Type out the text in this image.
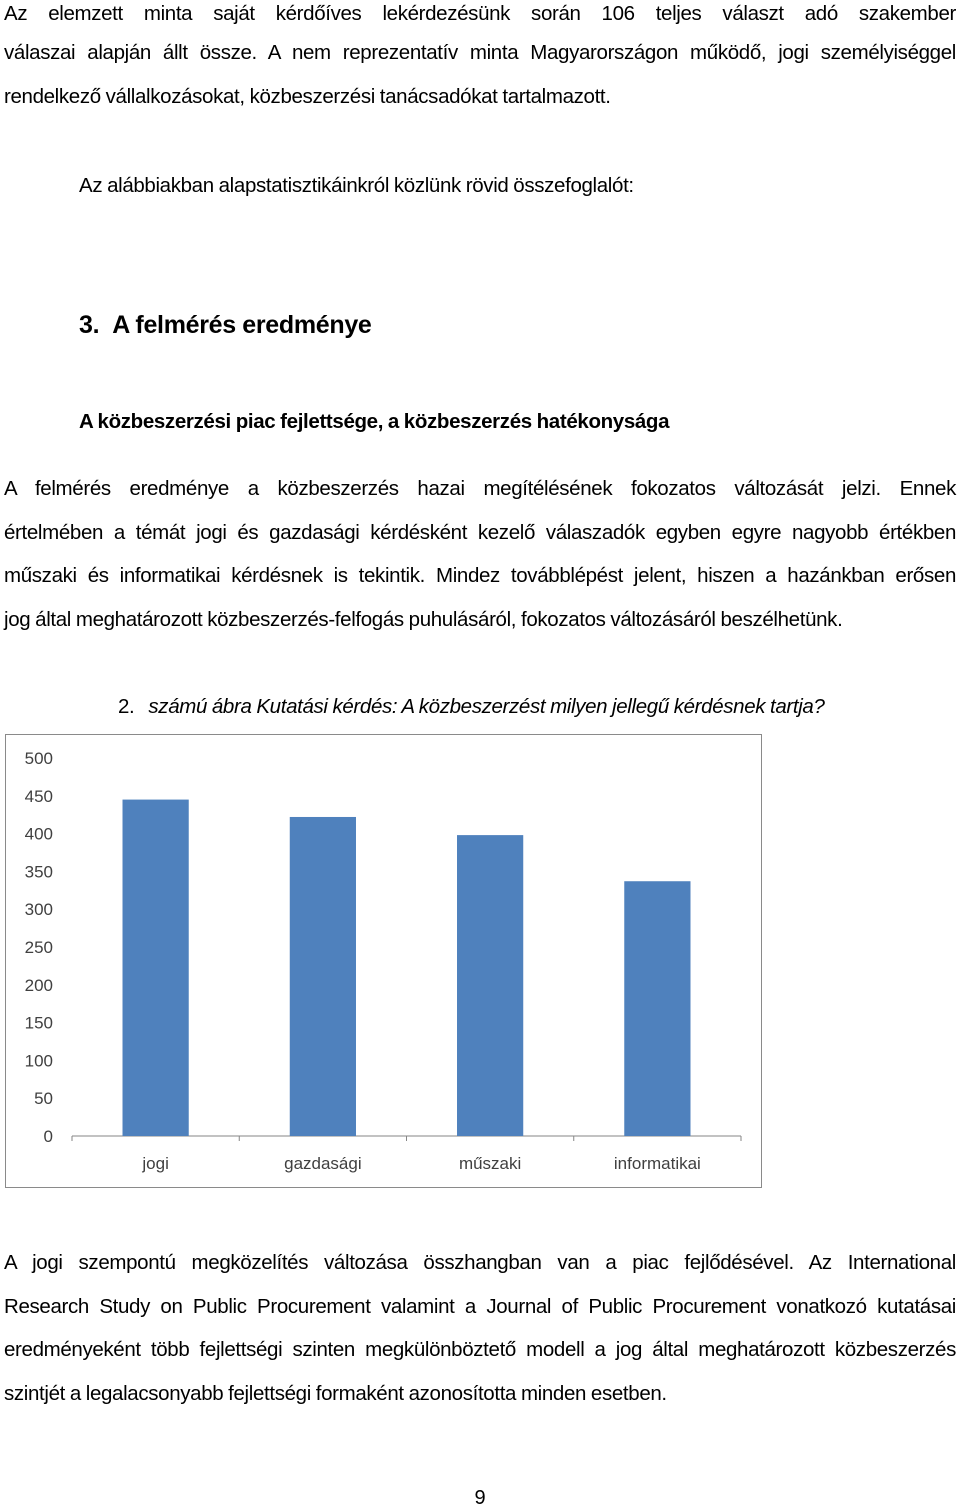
Az elemzett minta saját kérdőíves lekérdezésünk során 106 teljes választ adó szakember
válaszai alapján állt össze. A nem reprezentatív minta Magyarországon működő, jogi személyiséggel
rendelkező vállalkozásokat, közbeszerzési tanácsadókat tartalmazott.
Az alábbiakban alapstatisztikáinkról közlünk rövid összefoglalót:
3. A felmérés eredménye
A közbeszerzési piac fejlettsége, a közbeszerzés hatékonysága
A felmérés eredménye a közbeszerzés hazai megítélésének fokozatos változását jelzi. Ennek
értelmében a témát jogi és gazdasági kérdésként kezelő válaszadók egyben egyre nagyobb értékben
műszaki és informatikai kérdésnek is tekintik. Mindez továbblépést jelent, hiszen a hazánkban erősen
jog által meghatározott közbeszerzés-felfogás puhulásáról, fokozatos változásáról beszélhetünk.
2. számú ábra Kutatási kérdés: A közbeszerzést milyen jellegű kérdésnek tartja?
0
50
100
150
200
250
300
350
400
450
500
jogi	gazdasági	műszaki	informatikai
A jogi szempontú megközelítés változása összhangban van a piac fejlődésével. Az International
Research Study on Public Procurement valamint a Journal of Public Procurement vonatkozó kutatásai
eredményeként több fejlettségi szinten megkülönböztető modell a jog által meghatározott közbeszerzés
szintjét a legalacsonyabb fejlettségi formaként azonosította minden esetben.
9
